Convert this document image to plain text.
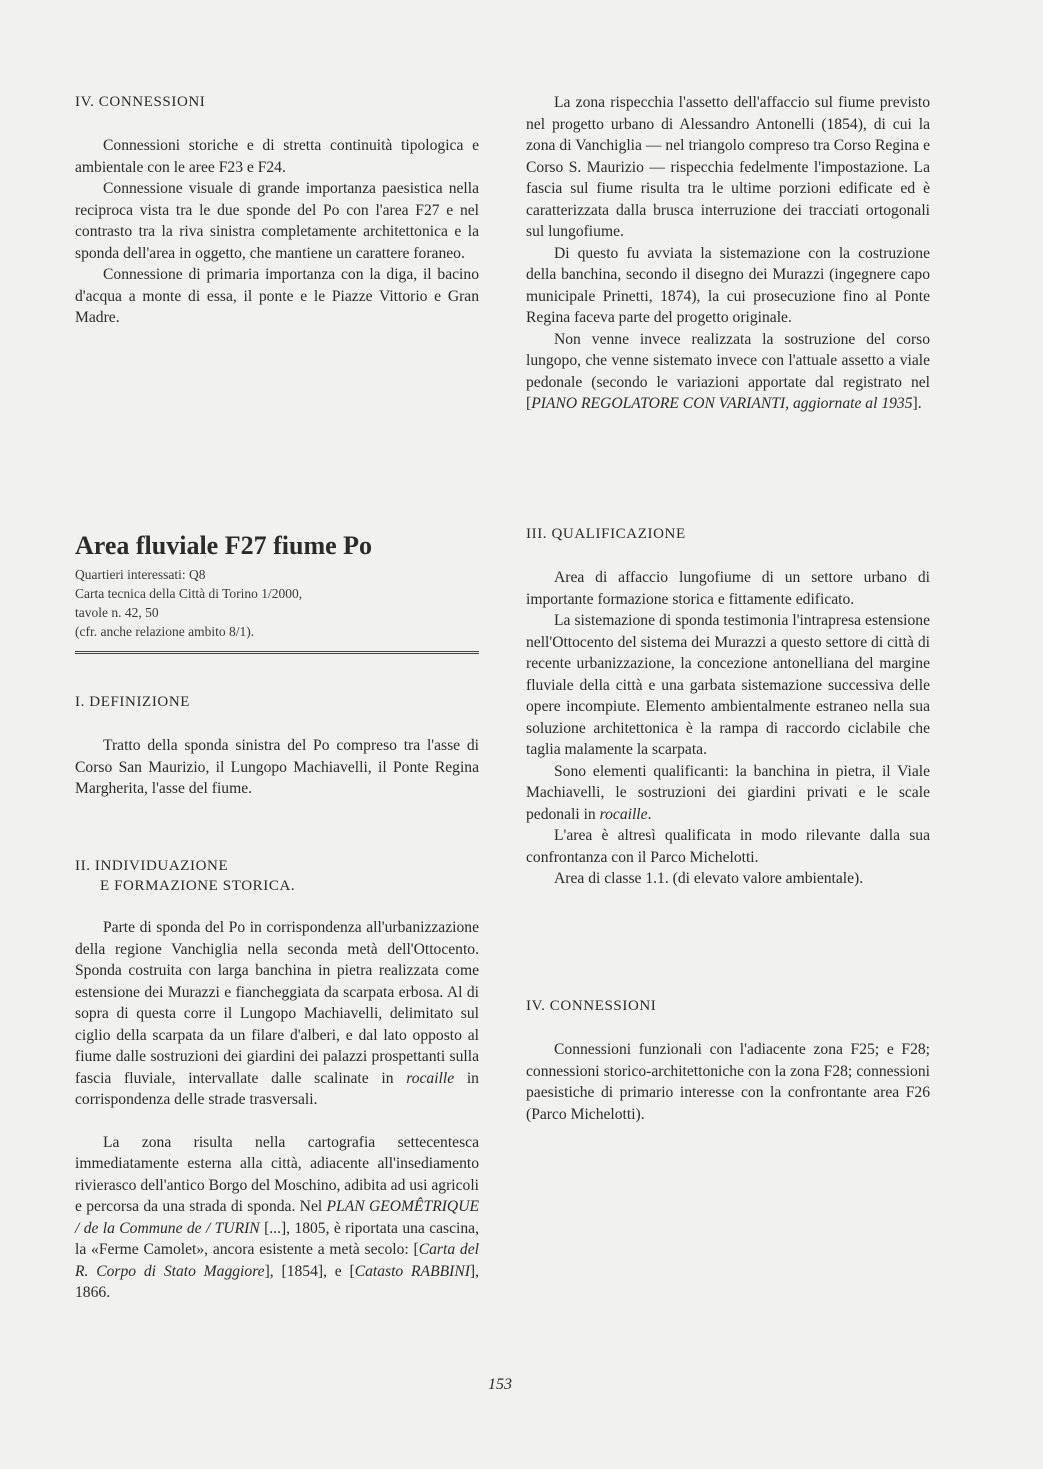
IV. CONNESSIONI

Connessioni storiche e di stretta continuità tipologica e ambientale con le aree F23 e F24.

Connessione visuale di grande importanza paesistica nella reciproca vista tra le due sponde del Po con l'area F27 e nel contrasto tra la riva sinistra completamente architettonica e la sponda dell'area in oggetto, che mantiene un carattere foraneo.

Connessione di primaria importanza con la diga, il bacino d'acqua a monte di essa, il ponte e le Piazze Vittorio e Gran Madre.

Area fluviale F27 fiume Po
Quartieri interessati: Q8
Carta tecnica della Città di Torino 1/2000,
tavole n. 42, 50
(cfr. anche relazione ambito 8/1).
I. DEFINIZIONE

Tratto della sponda sinistra del Po compreso tra l'asse di Corso San Maurizio, il Lungopo Machiavelli, il Ponte Regina Margherita, l'asse del fiume.

II. INDIVIDUAZIONE
E FORMAZIONE STORICA.

Parte di sponda del Po in corrispondenza all'urbanizzazione della regione Vanchiglia nella seconda metà dell'Ottocento. Sponda costruita con larga banchina in pietra realizzata come estensione dei Murazzi e fiancheggiata da scarpata erbosa. Al di sopra di questa corre il Lungopo Machiavelli, delimitato sul ciglio della scarpata da un filare d'alberi, e dal lato opposto al fiume dalle sostruzioni dei giardini dei palazzi prospettanti sulla fascia fluviale, intervallate dalle scalinate in rocaille in corrispondenza delle strade trasversali.

La zona risulta nella cartografia settecentesca immediatamente esterna alla città, adiacente all'insediamento rivierasco dell'antico Borgo del Moschino, adibita ad usi agricoli e percorsa da una strada di sponda. Nel PLAN GEOMÊTRIQUE / de la Commune de / TURIN [...], 1805, è riportata una cascina, la «Ferme Camolet», ancora esistente a metà secolo: [Carta del R. Corpo di Stato Maggiore], [1854], e [Catasto RABBINI], 1866.

La zona rispecchia l'assetto dell'affaccio sul fiume previsto nel progetto urbano di Alessandro Antonelli (1854), di cui la zona di Vanchiglia — nel triangolo compreso tra Corso Regina e Corso S. Maurizio — rispecchia fedelmente l'impostazione. La fascia sul fiume risulta tra le ultime porzioni edificate ed è caratterizzata dalla brusca interruzione dei tracciati ortogonali sul lungofiume.

Di questo fu avviata la sistemazione con la costruzione della banchina, secondo il disegno dei Murazzi (ingegnere capo municipale Prinetti, 1874), la cui prosecuzione fino al Ponte Regina faceva parte del progetto originale.

Non venne invece realizzata la sostruzione del corso lungopo, che venne sistemato invece con l'attuale assetto a viale pedonale (secondo le variazioni apportate dal registrato nel [PIANO REGOLATORE CON VARIANTI, aggiornate al 1935].

III. QUALIFICAZIONE

Area di affaccio lungofiume di un settore urbano di importante formazione storica e fittamente edificato.

La sistemazione di sponda testimonia l'intrapresa estensione nell'Ottocento del sistema dei Murazzi a questo settore di città di recente urbanizzazione, la concezione antonelliana del margine fluviale della città e una garbata sistemazione successiva delle opere incompiute. Elemento ambientalmente estraneo nella sua soluzione architettonica è la rampa di raccordo ciclabile che taglia malamente la scarpata.

Sono elementi qualificanti: la banchina in pietra, il Viale Machiavelli, le sostruzioni dei giardini privati e le scale pedonali in rocaille.

L'area è altresì qualificata in modo rilevante dalla sua confrontanza con il Parco Michelotti.

Area di classe 1.1. (di elevato valore ambientale).

IV. CONNESSIONI

Connessioni funzionali con l'adiacente zona F25; e F28; connessioni storico-architettoniche con la zona F28; connessioni paesistiche di primario interesse con la confrontante area F26 (Parco Michelotti).

153
